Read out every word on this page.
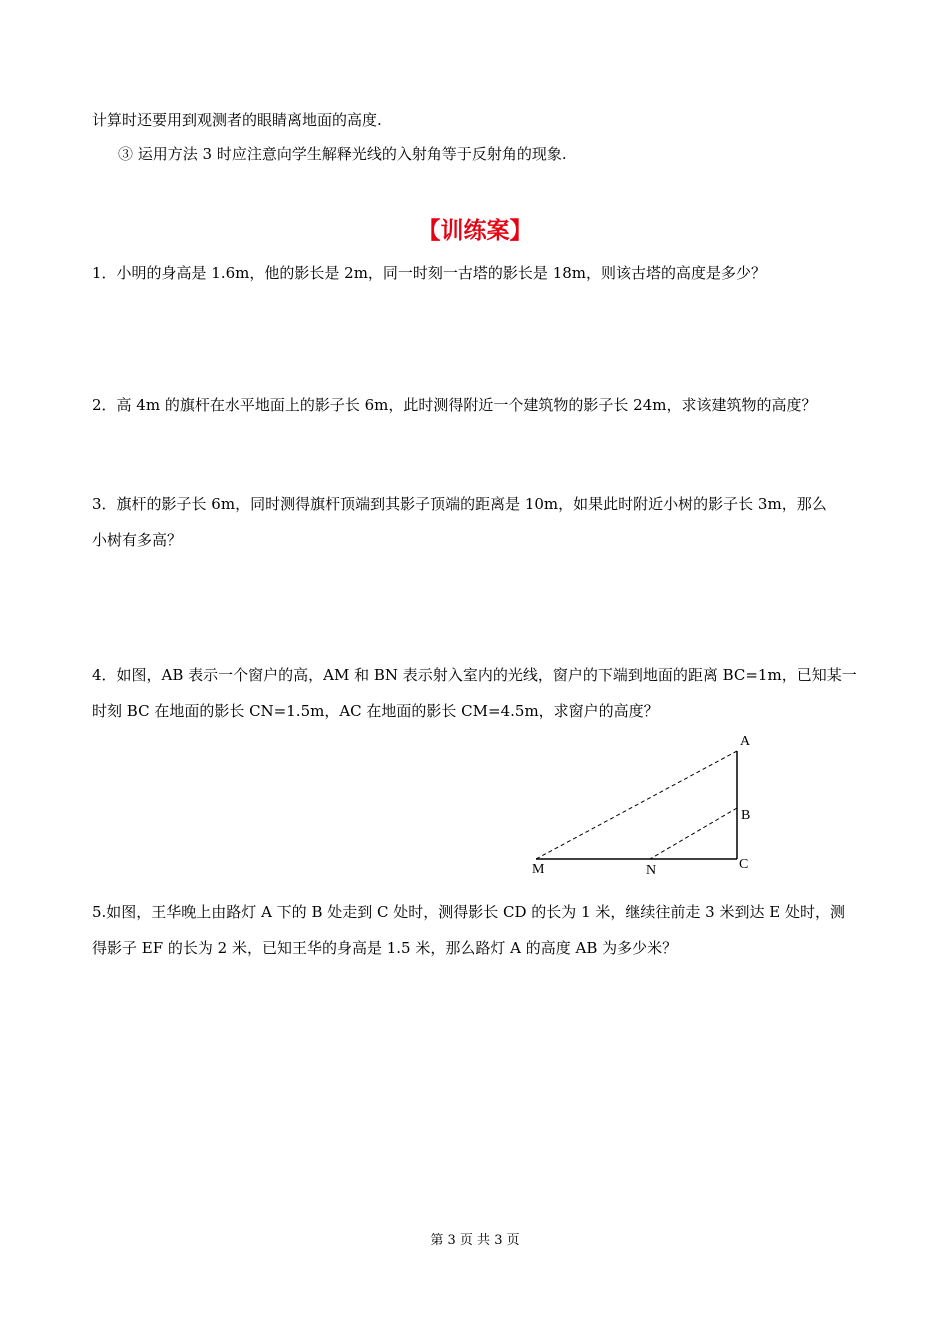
计算时还要用到观测者的眼睛离地面的高度.
③ 运用方法 3 时应注意向学生解释光线的入射角等于反射角的现象.
【训练案】
1．小明的身高是 1.6m，他的影长是 2m，同一时刻一古塔的影长是 18m，则该古塔的高度是多少？
2．高 4m 的旗杆在水平地面上的影子长 6m，此时测得附近一个建筑物的影子长 24m，求该建筑物的高度？
3．旗杆的影子长 6m，同时测得旗杆顶端到其影子顶端的距离是 10m，如果此时附近小树的影子长 3m，那么
小树有多高？
4．如图，AB 表示一个窗户的高，AM 和 BN 表示射入室内的光线，窗户的下端到地面的距离 BC=1m，已知某一
时刻 BC 在地面的影长 CN=1.5m，AC 在地面的影长 CM=4.5m，求窗户的高度？
A
B
C
M	N
5.如图，王华晚上由路灯 A 下的 B 处走到 C 处时，测得影长 CD 的长为 1 米，继续往前走 3 米到达 E 处时，测
得影子 EF 的长为 2 米，已知王华的身高是 1.5 米，那么路灯 A 的高度 AB 为多少米？
第 3 页 共 3 页
